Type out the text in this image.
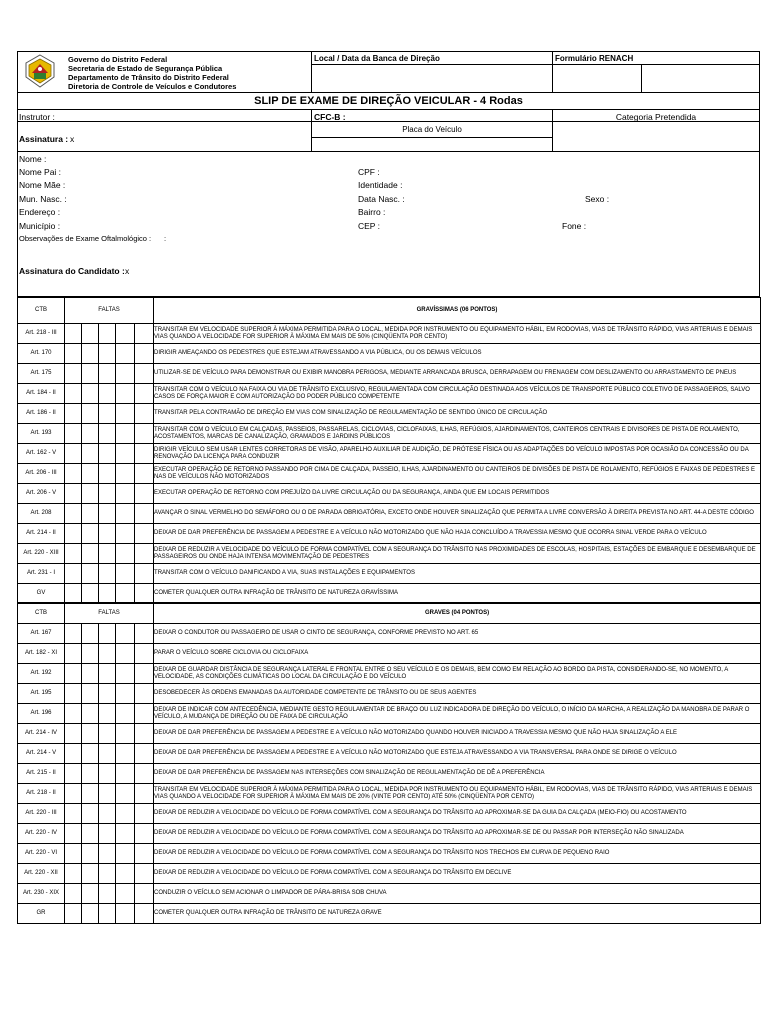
Governo do Distrito Federal
Secretaria de Estado de Segurança Pública
Departamento de Trânsito do Distrito Federal
Diretoria de Controle de Veículos e Condutores
Local / Data da Banca de Direção	Formulário RENACH
SLIP DE EXAME DE DIREÇÃO VEICULAR - 4 Rodas
Instrutor :
Assinatura : x
CFC-B :
Placa do Veículo
Categoria Pretendida
Nome :
Nome Pai :
Nome Mãe :
Mun. Nasc. :
Endereço :
Município :
Observações de Exame Oftalmológico : :
CPF :
Identidade :
Data Nasc. :
Bairro :
CEP :
Sexo :
Fone :
Assinatura do Candidato : x
CTB	FALTAS					GRAVÍSSIMAS (06 PONTOS)
Art. 218 - III						TRANSITAR EM VELOCIDADE SUPERIOR À MÁXIMA PERMITIDA PARA O LOCAL, MEDIDA POR INSTRUMENTO OU EQUIPAMENTO HÁBIL, EM RODOVIAS, VIAS DE TRÂNSITO RÁPIDO, VIAS ARTERIAIS E DEMAIS VIAS QUANDO A VELOCIDADE FOR SUPERIOR À MÁXIMA EM MAIS DE 50% (CINQÜENTA POR CENTO)
Art. 170						DIRIGIR AMEAÇANDO OS PEDESTRES QUE ESTEJAM ATRAVESSANDO A VIA PÚBLICA, OU OS DEMAIS VEÍCULOS
Art. 175						UTILIZAR-SE DE VEÍCULO PARA DEMONSTRAR OU EXIBIR MANOBRA PERIGOSA, MEDIANTE ARRANCADA BRUSCA, DERRAPAGEM OU FRENAGEM COM DESLIZAMENTO OU ARRASTAMENTO DE PNEUS
Art. 184 - II						TRANSITAR COM O VEÍCULO NA FAIXA OU VIA DE TRÂNSITO EXCLUSIVO, REGULAMENTADA COM CIRCULAÇÃO DESTINADA AOS VEÍCULOS DE TRANSPORTE PÚBLICO COLETIVO DE PASSAGEIROS, SALVO CASOS DE FORÇA MAIOR E COM AUTORIZAÇÃO DO PODER PÚBLICO COMPETENTE
Art. 186 - II						TRANSITAR PELA CONTRAMÃO DE DIREÇÃO EM VIAS COM SINALIZAÇÃO DE REGULAMENTAÇÃO DE SENTIDO ÚNICO DE CIRCULAÇÃO
Art. 193						TRANSITAR COM O VEÍCULO EM CALÇADAS, PASSEIOS, PASSARELAS, CICLOVIAS, CICLOFAIXAS, ILHAS, REFÚGIOS, AJARDINAMENTOS, CANTEIROS CENTRAIS E DIVISORES DE PISTA DE ROLAMENTO, ACOSTAMENTOS, MARCAS DE CANALIZAÇÃO, GRAMADOS E JARDINS PÚBLICOS
Art. 162 - V						DIRIGIR VEÍCULO SEM USAR LENTES CORRETORAS DE VISÃO, APARELHO AUXILIAR DE AUDIÇÃO, DE PRÓTESE FÍSICA OU AS ADAPTAÇÕES DO VEÍCULO IMPOSTAS POR OCASIÃO DA CONCESSÃO OU DA RENOVAÇÃO DA LICENÇA PARA CONDUZIR
Art. 206 - III						EXECUTAR OPERAÇÃO DE RETORNO PASSANDO POR CIMA DE CALÇADA, PASSEIO, ILHAS, AJARDINAMENTO OU CANTEIROS DE DIVISÕES DE PISTA DE ROLAMENTO, REFÚGIOS E FAIXAS DE PEDESTRES E NAS DE VEÍCULOS NÃO MOTORIZADOS
Art. 206 - V						EXECUTAR OPERAÇÃO DE RETORNO COM PREJUÍZO DA LIVRE CIRCULAÇÃO OU DA SEGURANÇA, AINDA QUE EM LOCAIS PERMITIDOS
Art. 208						AVANÇAR O SINAL VERMELHO DO SEMÁFORO OU O DE PARADA OBRIGATÓRIA, EXCETO ONDE HOUVER SINALIZAÇÃO QUE PERMITA A LIVRE CONVERSÃO À DIREITA PREVISTA NO ART. 44-A DESTE CÓDIGO
Art. 214 - II						DEIXAR DE DAR PREFERÊNCIA DE PASSAGEM A PEDESTRE E A VEÍCULO NÃO MOTORIZADO QUE NÃO HAJA CONCLUÍDO A TRAVESSIA MESMO QUE OCORRA SINAL VERDE PARA O VEÍCULO
Art. 220 - XIII						DEIXAR DE REDUZIR A VELOCIDADE DO VEÍCULO DE FORMA COMPATÍVEL COM A SEGURANÇA DO TRÂNSITO NAS PROXIMIDADES DE ESCOLAS, HOSPITAIS, ESTAÇÕES DE EMBARQUE E DESEMBARQUE DE PASSAGEIROS OU ONDE HAJA INTENSA MOVIMENTAÇÃO DE PEDESTRES
Art. 231 - I						TRANSITAR COM O VEÍCULO DANIFICANDO A VIA, SUAS INSTALAÇÕES E EQUIPAMENTOS
GV						COMETER QUALQUER OUTRA INFRAÇÃO DE TRÂNSITO DE NATUREZA GRAVÍSSIMA
CTB	FALTAS					GRAVES (04 PONTOS)
Art. 167						DEIXAR O CONDUTOR OU PASSAGEIRO DE USAR O CINTO DE SEGURANÇA, CONFORME PREVISTO NO ART. 65
Art. 182 - XI						PARAR O VEÍCULO SOBRE CICLOVIA OU CICLOFAIXA
Art. 192						DEIXAR DE GUARDAR DISTÂNCIA DE SEGURANÇA LATERAL E FRONTAL ENTRE O SEU VEÍCULO E OS DEMAIS, BEM COMO EM RELAÇÃO AO BORDO DA PISTA, CONSIDERANDO-SE, NO MOMENTO, A VELOCIDADE, AS CONDIÇÕES CLIMÁTICAS DO LOCAL DA CIRCULAÇÃO E DO VEÍCULO
Art. 195						DESOBEDECER ÀS ORDENS EMANADAS DA AUTORIDADE COMPETENTE DE TRÂNSITO OU DE SEUS AGENTES
Art. 196						DEIXAR DE INDICAR COM ANTECEDÊNCIA, MEDIANTE GESTO REGULAMENTAR DE BRAÇO OU LUZ INDICADORA DE DIREÇÃO DO VEÍCULO, O INÍCIO DA MARCHA, A REALIZAÇÃO DA MANOBRA DE PARAR O VEÍCULO, A MUDANÇA DE DIREÇÃO OU DE FAIXA DE CIRCULAÇÃO
Art. 214 - IV						DEIXAR DE DAR PREFERÊNCIA DE PASSAGEM A PEDESTRE E A VEÍCULO NÃO MOTORIZADO QUANDO HOUVER INICIADO A TRAVESSIA MESMO QUE NÃO HAJA SINALIZAÇÃO A ELE
Art. 214 - V						DEIXAR DE DAR PREFERÊNCIA DE PASSAGEM A PEDESTRE E A VEÍCULO NÃO MOTORIZADO QUE ESTEJA ATRAVESSANDO A VIA TRANSVERSAL PARA ONDE SE DIRIGE O VEÍCULO
Art. 215 - II						DEIXAR DE DAR PREFERÊNCIA DE PASSAGEM NAS INTERSEÇÕES COM SINALIZAÇÃO DE REGULAMENTAÇÃO DE DÊ A PREFERÊNCIA
Art. 218 - II						TRANSITAR EM VELOCIDADE SUPERIOR À MÁXIMA PERMITIDA PARA O LOCAL, MEDIDA POR INSTRUMENTO OU EQUIPAMENTO HÁBIL, EM RODOVIAS, VIAS DE TRÂNSITO RÁPIDO, VIAS ARTERIAIS E DEMAIS VIAS QUANDO A VELOCIDADE FOR SUPERIOR À MÁXIMA EM MAIS DE 20% (VINTE POR CENTO) ATÉ 50% (CINQÜENTA POR CENTO)
Art. 220 - III						DEIXAR DE REDUZIR A VELOCIDADE DO VEÍCULO DE FORMA COMPATÍVEL COM A SEGURANÇA DO TRÂNSITO AO APROXIMAR-SE DA GUIA DA CALÇADA (MEIO-FIO) OU ACOSTAMENTO
Art. 220 - IV						DEIXAR DE REDUZIR A VELOCIDADE DO VEÍCULO DE FORMA COMPATÍVEL COM A SEGURANÇA DO TRÂNSITO AO APROXIMAR-SE DE OU PASSAR POR INTERSEÇÃO NÃO SINALIZADA
Art. 220 - VI						DEIXAR DE REDUZIR A VELOCIDADE DO VEÍCULO DE FORMA COMPATÍVEL COM A SEGURANÇA DO TRÂNSITO NOS TRECHOS EM CURVA DE PEQUENO RAIO
Art. 220 - XII						DEIXAR DE REDUZIR A VELOCIDADE DO VEÍCULO DE FORMA COMPATÍVEL COM A SEGURANÇA DO TRÂNSITO EM DECLIVE
Art. 230 - XIX						CONDUZIR O VEÍCULO SEM ACIONAR O LIMPADOR DE PÁRA-BRISA SOB CHUVA
GR						COMETER QUALQUER OUTRA INFRAÇÃO DE TRÂNSITO DE NATUREZA GRAVE
